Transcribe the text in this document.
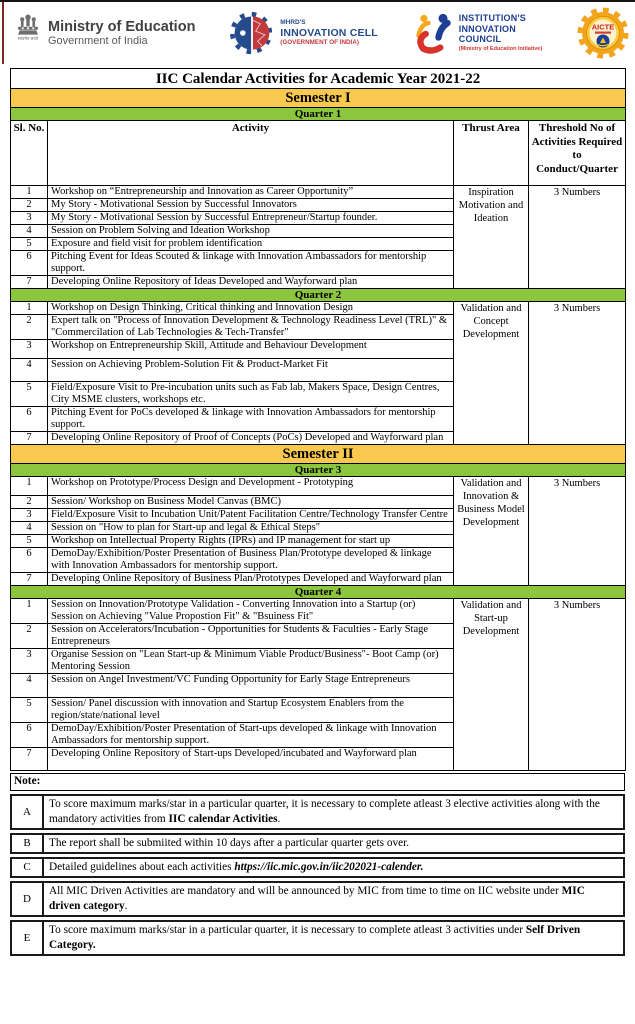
सत्यमेव जयते
Ministry of Education
Government of India
MHRD'S
INNOVATION CELL
(GOVERNMENT OF INDIA)
INSTITUTION'S
INNOVATION
COUNCIL
(Ministry of Education Initiative)
AICTE
IIC Calendar Activities for Academic Year 2021-22			
Semester I			
Quarter 1			
Sl. No.	Activity	Thrust Area	Threshold No of Activities Required to Conduct/Quarter
1	Workshop on “Entrepreneurship and Innovation as Career Opportunity”	Inspiration Motivation and Ideation	3 Numbers
2	My Story - Motivational Session by Successful Innovators		
3	My Story - Motivational Session by Successful Entrepreneur/Startup founder.		
4	Session on Problem Solving and Ideation Workshop		
5	Exposure and field visit for problem identification		
6	Pitching Event for Ideas Scouted & linkage with Innovation Ambassadors for mentorship support.		
7	Developing Online Repository of Ideas Developed and Wayforward plan		
Quarter 2			
1	Workshop on Design Thinking, Critical thinking and Innovation Design	Validation and Concept Development	3 Numbers
2	Expert talk on "Process of Innovation Development & Technology Readiness Level (TRL)" & "Commercilation of Lab Technologies & Tech-Transfer"		
3	Workshop on Entrepreneurship Skill, Attitude and Behaviour Development		
4	Session on Achieving Problem-Solution Fit & Product-Market Fit		
5	Field/Exposure Visit to Pre-incubation units such as Fab lab, Makers Space, Design Centres, City MSME clusters, workshops etc.		
6	Pitching Event for PoCs developed & linkage with Innovation Ambassadors for mentorship support.		
7	Developing Online Repository of Proof of Concepts (PoCs) Developed and Wayforward plan		
Semester II			
Quarter 3			
1	Workshop on Prototype/Process Design and Development - Prototyping	Validation and Innovation & Business Model Development	3 Numbers
2	Session/ Workshop on Business Model Canvas (BMC)		
3	Field/Exposure Visit to Incubation Unit/Patent Facilitation Centre/Technology Transfer Centre		
4	Session on "How to plan for Start-up and legal & Ethical Steps"		
5	Workshop on Intellectual Property Rights (IPRs) and IP management for start up		
6	DemoDay/Exhibition/Poster Presentation of Business Plan/Prototype developed & linkage with Innovation Ambassadors for mentorship support.		
7	Developing Online Repository of Business Plan/Prototypes Developed and Wayforward plan		
Quarter 4			
1	Session on Innovation/Prototype Validation - Converting Innovation into a Startup (or) Session on Achieving "Value Propostion Fit" & "Bsuiness Fit"	Validation and Start-up Development	3 Numbers
2	Session on Accelerators/Incubation - Opportunities for Students & Faculties - Early Stage Entrepreneurs		
3	Organise Session on "Lean Start-up & Minimum Viable Product/Business"- Boot Camp (or) Mentoring Session		
4	Session on Angel Investment/VC Funding Opportunity for Early Stage Entrepreneurs		
5	Session/ Panel discussion with innovation and Startup Ecosystem Enablers from the region/state/national level		
6	DemoDay/Exhibition/Poster Presentation of Start-ups developed & linkage with Innovation Ambassadors for mentorship support.		
7	Developing Online Repository of Start-ups Developed/incubated and Wayforward plan		
Note:
A
To score maximum marks/star in a particular quarter, it is necessary to complete atleast 3 elective activities along with the mandatory activities from IIC calendar Activities.
B	The report shall be submiited within 10 days after a particular quarter gets over.
C	Detailed guidelines about each activities https://iic.mic.gov.in/iic202021-calender.
D
All MIC Driven Activities are mandatory and will be announced by MIC from time to time on IIC website under MIC driven category.
E
To score maximum marks/star in a particular quarter, it is necessary to complete atleast 3 activities under Self Driven Category.
